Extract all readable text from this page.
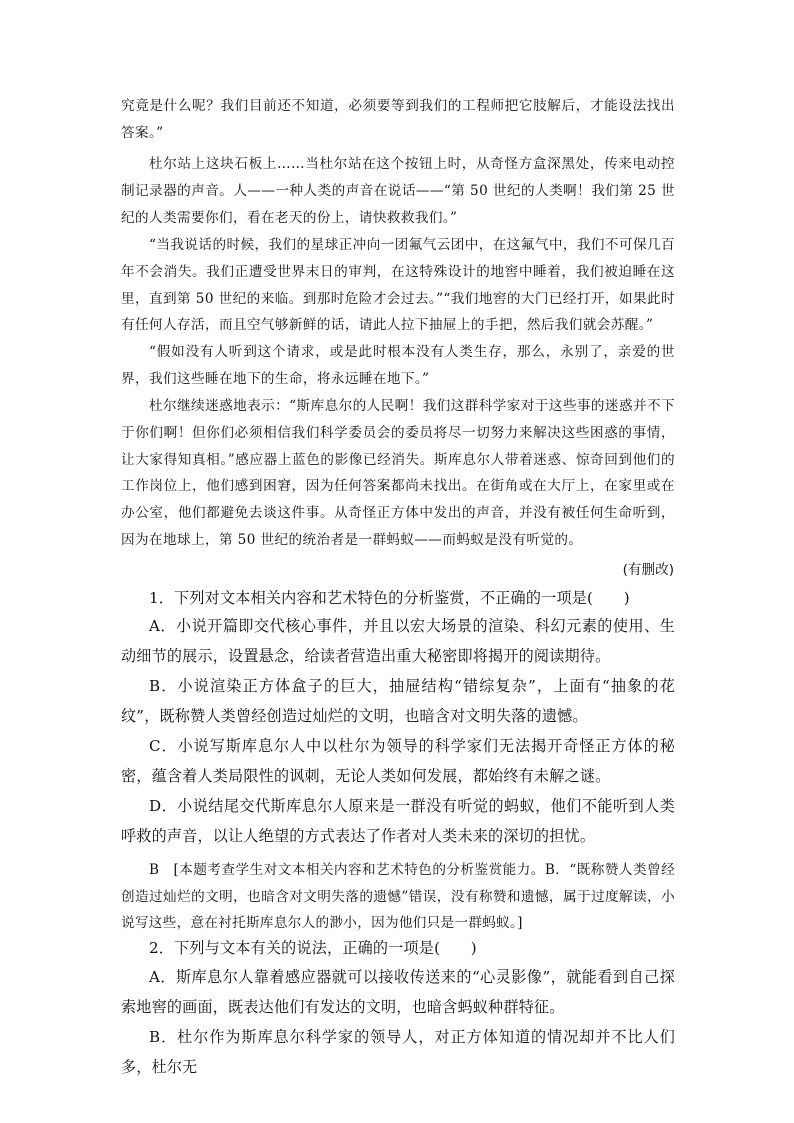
究竟是什么呢？我们目前还不知道，必须要等到我们的工程师把它肢解后，才能设法找出答案。”

杜尔站上这块石板上……当杜尔站在这个按钮上时，从奇怪方盒深黑处，传来电动控制记录器的声音。人——一种人类的声音在说话——“第 50 世纪的人类啊！我们第 25 世纪的人类需要你们，看在老天的份上，请快救救我们。”

“当我说话的时候，我们的星球正冲向一团氟气云团中，在这氟气中，我们不可保几百年不会消失。我们正遭受世界末日的审判，在这特殊设计的地窖中睡着，我们被迫睡在这里，直到第 50 世纪的来临。到那时危险才会过去。”“我们地窖的大门已经打开，如果此时有任何人存活，而且空气够新鲜的话，请此人拉下抽屉上的手把，然后我们就会苏醒。”

“假如没有人听到这个请求，或是此时根本没有人类生存，那么，永别了，亲爱的世界，我们这些睡在地下的生命，将永远睡在地下。”

杜尔继续迷惑地表示：“斯库息尔的人民啊！我们这群科学家对于这些事的迷惑并不下于你们啊！但你们必须相信我们科学委员会的委员将尽一切努力来解决这些困惑的事情，让大家得知真相。”感应器上蓝色的影像已经消失。斯库息尔人带着迷惑、惊奇回到他们的工作岗位上，他们感到困窘，因为任何答案都尚未找出。在街角或在大厅上，在家里或在办公室，他们都避免去谈这件事。从奇怪正方体中发出的声音，并没有被任何生命听到，因为在地球上，第 50 世纪的统治者是一群蚂蚁——而蚂蚁是没有听觉的。

(有删改)

1．下列对文本相关内容和艺术特色的分析鉴赏，不正确的一项是(　　)

A．小说开篇即交代核心事件，并且以宏大场景的渲染、科幻元素的使用、生动细节的展示，设置悬念，给读者营造出重大秘密即将揭开的阅读期待。

B．小说渲染正方体盒子的巨大，抽屉结构“错综复杂”，上面有“抽象的花纹”，既称赞人类曾经创造过灿烂的文明，也暗含对文明失落的遗憾。

C．小说写斯库息尔人中以杜尔为领导的科学家们无法揭开奇怪正方体的秘密，蕴含着人类局限性的讽刺，无论人类如何发展，都始终有未解之谜。

D．小说结尾交代斯库息尔人原来是一群没有听觉的蚂蚁，他们不能听到人类呼救的声音，以让人绝望的方式表达了作者对人类未来的深切的担忧。

B　[本题考查学生对文本相关内容和艺术特色的分析鉴赏能力。B．“既称赞人类曾经创造过灿烂的文明，也暗含对文明失落的遗憾”错误，没有称赞和遗憾，属于过度解读，小说写这些，意在衬托斯库息尔人的渺小，因为他们只是一群蚂蚁。]

2．下列与文本有关的说法，正确的一项是(　　)

A．斯库息尔人靠着感应器就可以接收传送来的“心灵影像”，就能看到自己探索地窖的画面，既表达他们有发达的文明，也暗含蚂蚁种群特征。

B．杜尔作为斯库息尔科学家的领导人，对正方体知道的情况却并不比人们多，杜尔无
